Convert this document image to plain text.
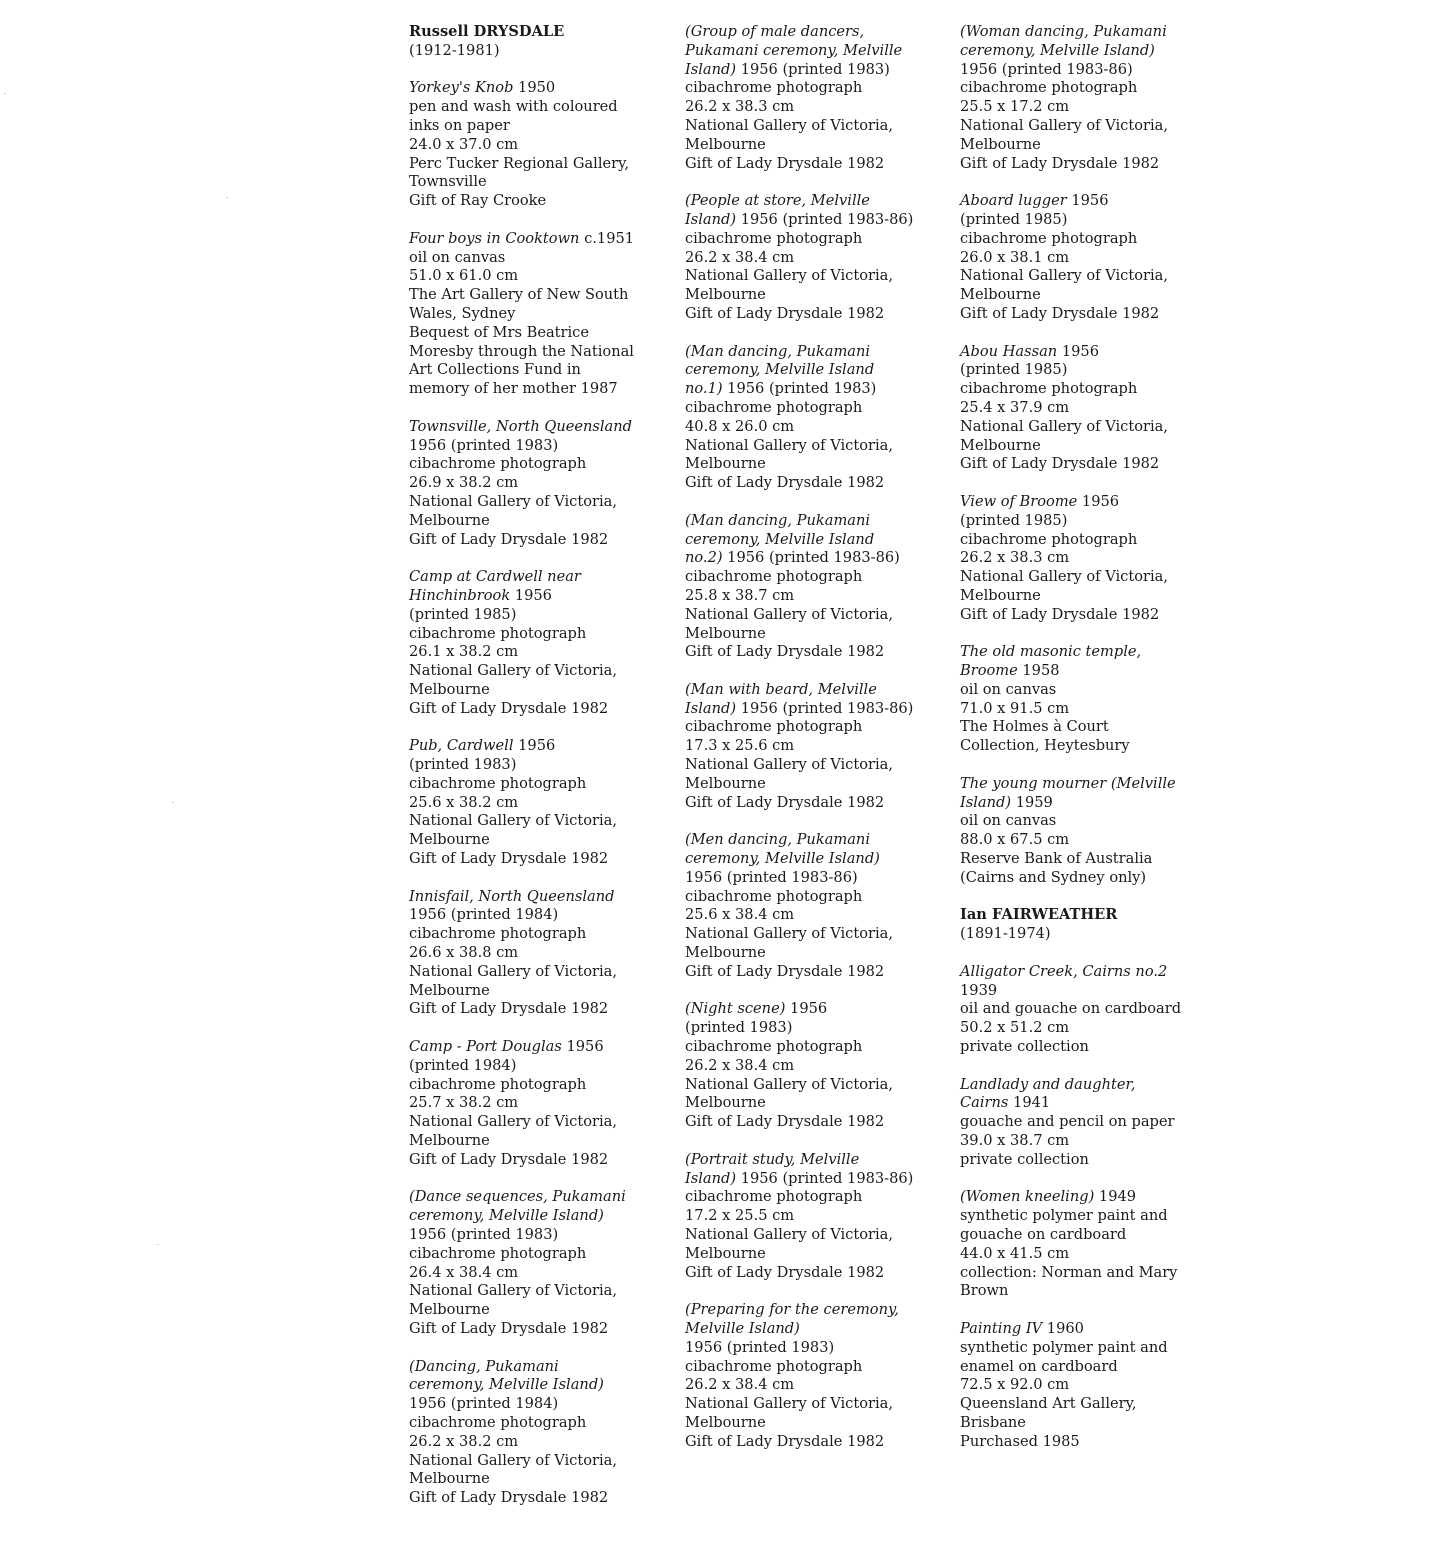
Russell DRYSDALE
(1912-1981)
Yorkey's Knob 1950
pen and wash with coloured
inks on paper
24.0 x 37.0 cm
Perc Tucker Regional Gallery,
Townsville
Gift of Ray Crooke
Four boys in Cooktown c.1951
oil on canvas
51.0 x 61.0 cm
The Art Gallery of New South
Wales, Sydney
Bequest of Mrs Beatrice
Moresby through the National
Art Collections Fund in
memory of her mother 1987
Townsville, North Queensland
1956 (printed 1983)
cibachrome photograph
26.9 x 38.2 cm
National Gallery of Victoria,
Melbourne
Gift of Lady Drysdale 1982
Camp at Cardwell near
Hinchinbrook 1956
(printed 1985)
cibachrome photograph
26.1 x 38.2 cm
National Gallery of Victoria,
Melbourne
Gift of Lady Drysdale 1982
Pub, Cardwell 1956
(printed 1983)
cibachrome photograph
25.6 x 38.2 cm
National Gallery of Victoria,
Melbourne
Gift of Lady Drysdale 1982
Innisfail, North Queensland
1956 (printed 1984)
cibachrome photograph
26.6 x 38.8 cm
National Gallery of Victoria,
Melbourne
Gift of Lady Drysdale 1982
Camp - Port Douglas 1956
(printed 1984)
cibachrome photograph
25.7 x 38.2 cm
National Gallery of Victoria,
Melbourne
Gift of Lady Drysdale 1982
(Dance sequences, Pukamani
ceremony, Melville Island)
1956 (printed 1983)
cibachrome photograph
26.4 x 38.4 cm
National Gallery of Victoria,
Melbourne
Gift of Lady Drysdale 1982
(Dancing, Pukamani
ceremony, Melville Island)
1956 (printed 1984)
cibachrome photograph
26.2 x 38.2 cm
National Gallery of Victoria,
Melbourne
Gift of Lady Drysdale 1982
(Group of male dancers,
Pukamani ceremony, Melville
Island) 1956 (printed 1983)
cibachrome photograph
26.2 x 38.3 cm
National Gallery of Victoria,
Melbourne
Gift of Lady Drysdale 1982
(People at store, Melville
Island) 1956 (printed 1983-86)
cibachrome photograph
26.2 x 38.4 cm
National Gallery of Victoria,
Melbourne
Gift of Lady Drysdale 1982
(Man dancing, Pukamani
ceremony, Melville Island
no.1) 1956 (printed 1983)
cibachrome photograph
40.8 x 26.0 cm
National Gallery of Victoria,
Melbourne
Gift of Lady Drysdale 1982
(Man dancing, Pukamani
ceremony, Melville Island
no.2) 1956 (printed 1983-86)
cibachrome photograph
25.8 x 38.7 cm
National Gallery of Victoria,
Melbourne
Gift of Lady Drysdale 1982
(Man with beard, Melville
Island) 1956 (printed 1983-86)
cibachrome photograph
17.3 x 25.6 cm
National Gallery of Victoria,
Melbourne
Gift of Lady Drysdale 1982
(Men dancing, Pukamani
ceremony, Melville Island)
1956 (printed 1983-86)
cibachrome photograph
25.6 x 38.4 cm
National Gallery of Victoria,
Melbourne
Gift of Lady Drysdale 1982
(Night scene) 1956
(printed 1983)
cibachrome photograph
26.2 x 38.4 cm
National Gallery of Victoria,
Melbourne
Gift of Lady Drysdale 1982
(Portrait study, Melville
Island) 1956 (printed 1983-86)
cibachrome photograph
17.2 x 25.5 cm
National Gallery of Victoria,
Melbourne
Gift of Lady Drysdale 1982
(Preparing for the ceremony,
Melville Island)
1956 (printed 1983)
cibachrome photograph
26.2 x 38.4 cm
National Gallery of Victoria,
Melbourne
Gift of Lady Drysdale 1982
(Woman dancing, Pukamani
ceremony, Melville Island)
1956 (printed 1983-86)
cibachrome photograph
25.5 x 17.2 cm
National Gallery of Victoria,
Melbourne
Gift of Lady Drysdale 1982
Aboard lugger 1956
(printed 1985)
cibachrome photograph
26.0 x 38.1 cm
National Gallery of Victoria,
Melbourne
Gift of Lady Drysdale 1982
Abou Hassan 1956
(printed 1985)
cibachrome photograph
25.4 x 37.9 cm
National Gallery of Victoria,
Melbourne
Gift of Lady Drysdale 1982
View of Broome 1956
(printed 1985)
cibachrome photograph
26.2 x 38.3 cm
National Gallery of Victoria,
Melbourne
Gift of Lady Drysdale 1982
The old masonic temple,
Broome 1958
oil on canvas
71.0 x 91.5 cm
The Holmes à Court
Collection, Heytesbury
The young mourner (Melville
Island) 1959
oil on canvas
88.0 x 67.5 cm
Reserve Bank of Australia
(Cairns and Sydney only)
Ian FAIRWEATHER
(1891-1974)
Alligator Creek, Cairns no.2
1939
oil and gouache on cardboard
50.2 x 51.2 cm
private collection
Landlady and daughter,
Cairns 1941
gouache and pencil on paper
39.0 x 38.7 cm
private collection
(Women kneeling) 1949
synthetic polymer paint and
gouache on cardboard
44.0 x 41.5 cm
collection: Norman and Mary
Brown
Painting IV 1960
synthetic polymer paint and
enamel on cardboard
72.5 x 92.0 cm
Queensland Art Gallery,
Brisbane
Purchased 1985
